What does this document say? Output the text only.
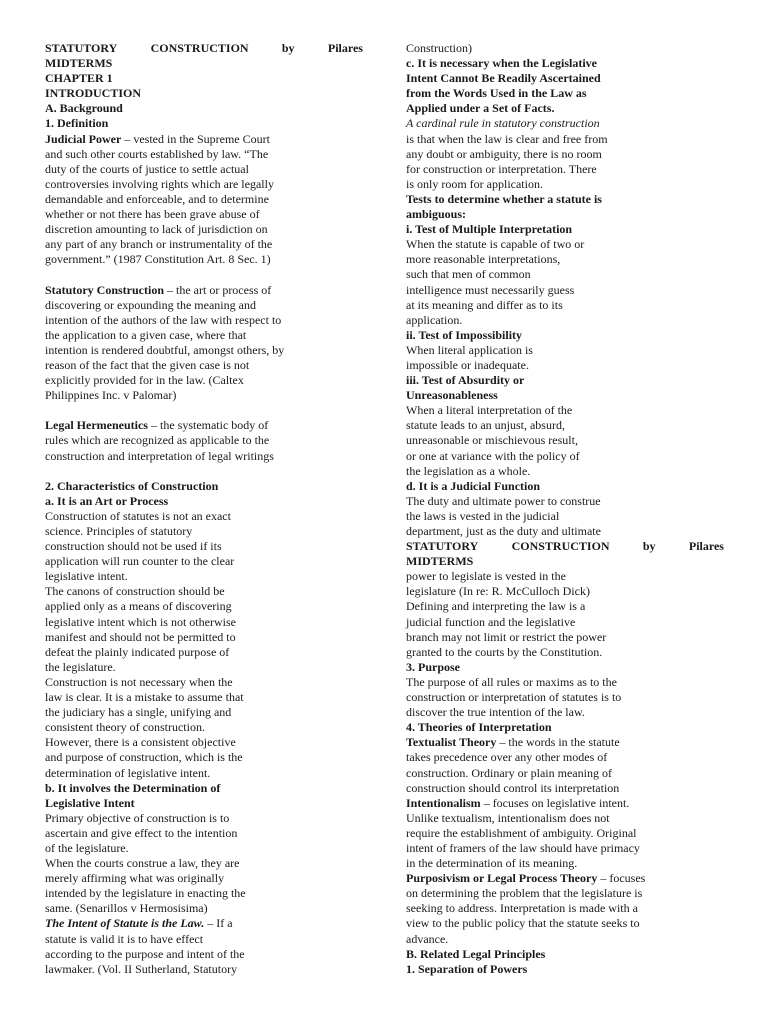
STATUTORY	CONSTRUCTION	by	Pilares
MIDTERMS
CHAPTER 1
INTRODUCTION
A. Background
1. Definition
Judicial Power – vested in the Supreme Court
and such other courts established by law. “The
duty of the courts of justice to settle actual
controversies involving rights which are legally
demandable and enforceable, and to determine
whether or not there has been grave abuse of
discretion amounting to lack of jurisdiction on
any part of any branch or instrumentality of the
government.” (1987 Constitution Art. 8 Sec. 1)
Statutory Construction – the art or process of
discovering or expounding the meaning and
intention of the authors of the law with respect to
the application to a given case, where that
intention is rendered doubtful, amongst others, by
reason of the fact that the given case is not
explicitly provided for in the law. (Caltex
Philippines Inc. v Palomar)
Legal Hermeneutics – the systematic body of
rules which are recognized as applicable to the
construction and interpretation of legal writings
2. Characteristics of Construction
a. It is an Art or Process
Construction of statutes is not an exact
science. Principles of statutory
construction should not be used if its
application will run counter to the clear
legislative intent.
The canons of construction should be
applied only as a means of discovering
legislative intent which is not otherwise
manifest and should not be permitted to
defeat the plainly indicated purpose of
the legislature.
Construction is not necessary when the
law is clear. It is a mistake to assume that
the judiciary has a single, unifying and
consistent theory of construction.
However, there is a consistent objective
and purpose of construction, which is the
determination of legislative intent.
b. It involves the Determination of
Legislative Intent
Primary objective of construction is to
ascertain and give effect to the intention
of the legislature.
When the courts construe a law, they are
merely affirming what was originally
intended by the legislature in enacting the
same. (Senarillos v Hermosisima)
The Intent of Statute is the Law. – If a
statute is valid it is to have effect
according to the purpose and intent of the
lawmaker. (Vol. II Sutherland, Statutory
Construction)
c. It is necessary when the Legislative
Intent Cannot Be Readily Ascertained
from the Words Used in the Law as
Applied under a Set of Facts.
A cardinal rule in statutory construction
is that when the law is clear and free from
any doubt or ambiguity, there is no room
for construction or interpretation. There
is only room for application.
Tests to determine whether a statute is
ambiguous:
i. Test of Multiple Interpretation
When the statute is capable of two or
more reasonable interpretations,
such that men of common
intelligence must necessarily guess
at its meaning and differ as to its
application.
ii. Test of Impossibility
When literal application is
impossible or inadequate.
iii. Test of Absurdity or
Unreasonableness
When a literal interpretation of the
statute leads to an unjust, absurd,
unreasonable or mischievous result,
or one at variance with the policy of
the legislation as a whole.
d. It is a Judicial Function
The duty and ultimate power to construe
the laws is vested in the judicial
department, just as the duty and ultimate
STATUTORY	CONSTRUCTION	by	Pilares
MIDTERMS
power to legislate is vested in the
legislature (In re: R. McCulloch Dick)
Defining and interpreting the law is a
judicial function and the legislative
branch may not limit or restrict the power
granted to the courts by the Constitution.
3. Purpose
The purpose of all rules or maxims as to the
construction or interpretation of statutes is to
discover the true intention of the law.
4. Theories of Interpretation
Textualist Theory – the words in the statute
takes precedence over any other modes of
construction. Ordinary or plain meaning of
construction should control its interpretation
Intentionalism – focuses on legislative intent.
Unlike textualism, intentionalism does not
require the establishment of ambiguity. Original
intent of framers of the law should have primacy
in the determination of its meaning.
Purposivism or Legal Process Theory – focuses
on determining the problem that the legislature is
seeking to address. Interpretation is made with a
view to the public policy that the statute seeks to
advance.
B. Related Legal Principles
1. Separation of Powers
